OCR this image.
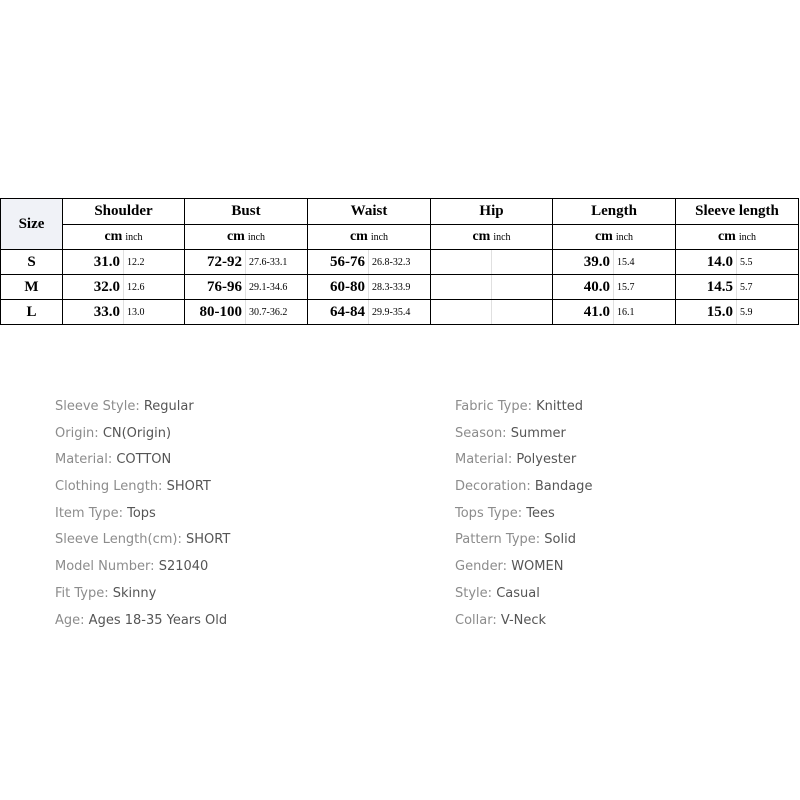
Size	Shoulder		Bust		Waist		Hip		Length		Sleeve length	
	cm inch		cm inch		cm inch		cm inch		cm inch		cm inch	
S	31.0	12.2	72-92	27.6-33.1	56-76	26.8-32.3			39.0	15.4	14.0	5.5
M	32.0	12.6	76-96	29.1-34.6	60-80	28.3-33.9			40.0	15.7	14.5	5.7
L	33.0	13.0	80-100	30.7-36.2	64-84	29.9-35.4			41.0	16.1	15.0	5.9
Sleeve Style: Regular
Origin: CN(Origin)
Material: COTTON
Clothing Length: SHORT
Item Type: Tops
Sleeve Length(cm): SHORT
Model Number: S21040
Fit Type: Skinny
Age: Ages 18-35 Years Old
Fabric Type: Knitted
Season: Summer
Material: Polyester
Decoration: Bandage
Tops Type: Tees
Pattern Type: Solid
Gender: WOMEN
Style: Casual
Collar: V-Neck
